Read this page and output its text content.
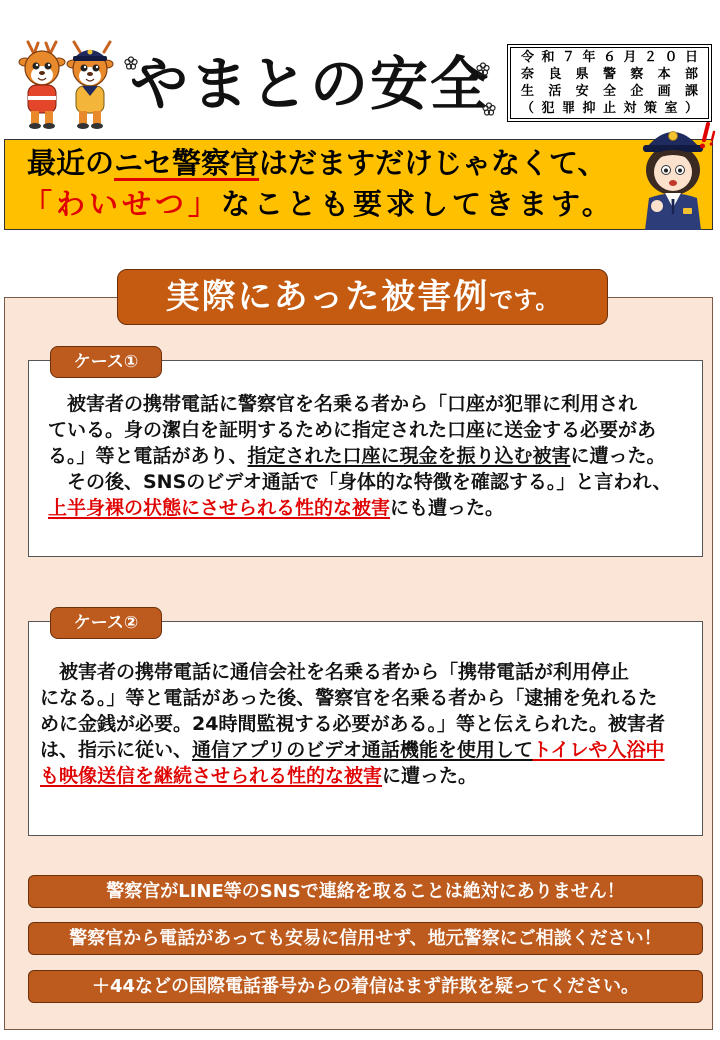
やまとの安全	令 和 ７ 年 ６ 月 ２ ０ 日
奈 良 県 警 察 本 部
生 活 安 全 企 画 課
（ 犯 罪 抑 止 対 策 室 ）
最近のニセ警察官はだますだけじゃなくて、
「わいせつ」なことも要求してきます。
実際にあった被害例 です。
　被害者の携帯電話に警察官を名乗る者から「口座が犯罪に利用され
ている。身の潔白を証明するために指定された口座に送金する必要があ
る。」等と電話があり、指定された口座に現金を振り込む被害に遭った。
　その後、SNSのビデオ通話で「身体的な特徴を確認する。」と言われ、
上半身裸の状態にさせられる性的な被害にも遭った。
ケース①
　被害者の携帯電話に通信会社を名乗る者から「携帯電話が利用停止
になる。」等と電話があった後、警察官を名乗る者から「逮捕を免れるた
めに金銭が必要。24時間監視する必要がある。」等と伝えられた。被害者
は、指示に従い、通信アプリのビデオ通話機能を使用してトイレや入浴中
も映像送信を継続させられる性的な被害に遭った。
ケース②
警察官がLINE等のSNSで連絡を取ることは絶対にありません！
警察官から電話があっても安易に信用せず、地元警察にご相談ください！
＋44などの国際電話番号からの着信はまず詐欺を疑ってください。
